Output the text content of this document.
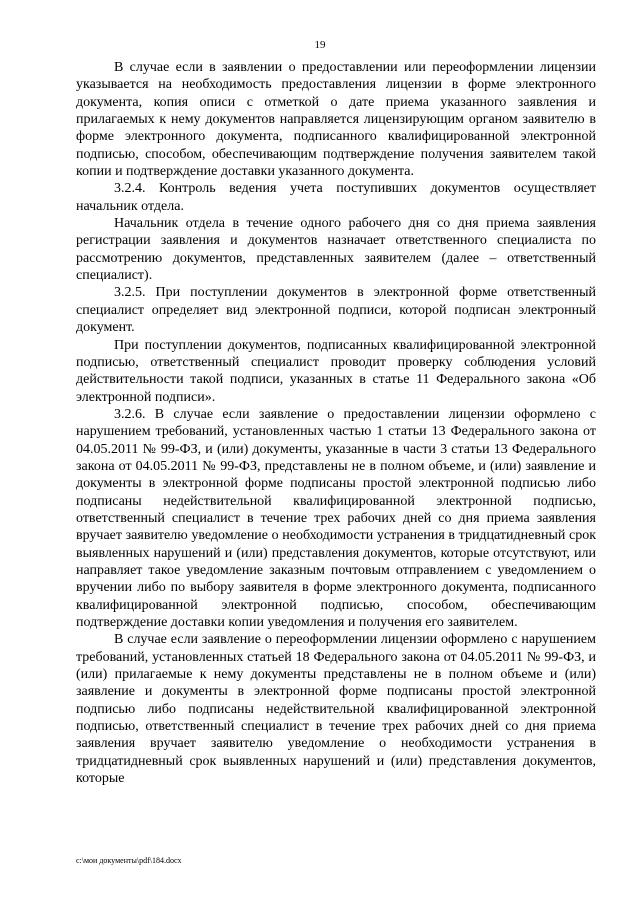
19

В случае если в заявлении о предоставлении или переоформлении лицензии указывается на необходимость предоставления лицензии в форме электронного документа, копия описи с отметкой о дате приема указанного заявления и прилагаемых к нему документов направляется лицензирующим органом заявителю в форме электронного документа, подписанного квалифицированной электронной подписью, способом, обеспечивающим подтверждение получения заявителем такой копии и подтверждение доставки указанного документа.

3.2.4. Контроль ведения учета поступивших документов осуществляет начальник отдела.

Начальник отдела в течение одного рабочего дня со дня приема заявления регистрации заявления и документов назначает ответственного специалиста по рассмотрению документов, представленных заявителем (далее – ответственный специалист).

3.2.5. При поступлении документов в электронной форме ответственный специалист определяет вид электронной подписи, которой подписан электронный документ.

При поступлении документов, подписанных квалифицированной электронной подписью, ответственный специалист проводит проверку соблюдения условий действительности такой подписи, указанных в статье 11 Федерального закона «Об электронной подписи».

3.2.6. В случае если заявление о предоставлении лицензии оформлено с нарушением требований, установленных частью 1 статьи 13 Федерального закона от 04.05.2011 № 99-ФЗ, и (или) документы, указанные в части 3 статьи 13 Федерального закона от 04.05.2011 № 99-ФЗ, представлены не в полном объеме, и (или) заявление и документы в электронной форме подписаны простой электронной подписью либо подписаны недействительной квалифицированной электронной подписью, ответственный специалист в течение трех рабочих дней со дня приема заявления вручает заявителю уведомление о необходимости устранения в тридцатидневный срок выявленных нарушений и (или) представления документов, которые отсутствуют, или направляет такое уведомление заказным почтовым отправлением с уведомлением о вручении либо по выбору заявителя в форме электронного документа, подписанного квалифицированной электронной подписью, способом, обеспечивающим подтверждение доставки копии уведомления и получения его заявителем.

В случае если заявление о переоформлении лицензии оформлено с нарушением требований, установленных статьей 18 Федерального закона от 04.05.2011 № 99-ФЗ, и (или) прилагаемые к нему документы представлены не в полном объеме и (или) заявление и документы в электронной форме подписаны простой электронной подписью либо подписаны недействительной квалифицированной электронной подписью, ответственный специалист в течение трех рабочих дней со дня приема заявления вручает заявителю уведомление о необходимости устранения в тридцатидневный срок выявленных нарушений и (или) представления документов, которые

c:\мои документы\pdf\184.docx
